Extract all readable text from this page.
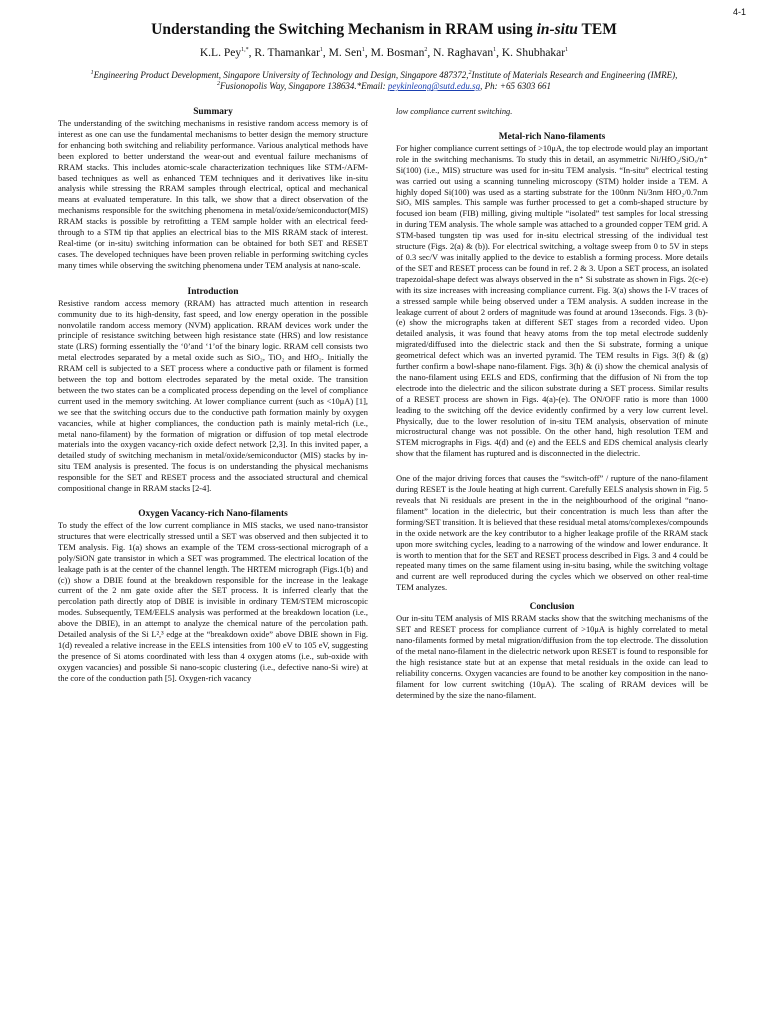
4-1
Understanding the Switching Mechanism in RRAM using in-situ TEM
K.L. Pey$^{1,*}$, R. Thamankar$^1$, M. Sen$^1$, M. Bosman$^2$, N. Raghavan$^1$, K. Shubhakar$^1$
$^1$Engineering Product Development, Singapore University of Technology and Design, Singapore 487372,$^2$Institute of Materials Research and Engineering (IMRE), $^2$Fusionopolis Way, Singapore 138634.*Email: peykinleong@sutd.edu.sg, Ph: +65 6303 661
Summary

The understanding of the switching mechanisms in resistive random access memory is of interest as one can use the fundamental mechanisms to better design the memory structure for enhancing both switching and reliability performance. Various analytical methods have been explored to better understand the wear-out and eventual failure mechanisms of RRAM stacks. This includes atomic-scale characterization techniques like STM-/AFM-based techniques as well as enhanced TEM techniques and it derivatives like in-situ analysis while stressing the RRAM samples through electrical, optical and mechanical means at evaluated temperature. In this talk, we show that a direct observation of the mechanisms responsible for the switching phenomena in metal/oxide/semiconductor(MIS) RRAM stacks is possible by retrofitting a TEM sample holder with an electrical feed-through to a STM tip that applies an electrical bias to the MIS RRAM stack of interest. Real-time (or in-situ) switching information can be obtained for both SET and RESET cases. The developed techniques have been proven reliable in performing switching cycles many times while observing the switching phenomena under TEM analysis at nano-scale.

Introduction

Resistive random access memory (RRAM) has attracted much attention in research community due to its high-density, fast speed, and low energy operation in the possible nonvolatile random access memory (NVM) application. RRAM devices work under the principle of resistance switching between high resistance state (HRS) and low resistance state (LRS) forming essentially the ‘0’and ‘1’of the binary logic. RRAM cell consists two metal electrodes separated by a metal oxide such as SiO₂, TiO₂ and HfO₂. Initially the RRAM cell is subjected to a SET process where a conductive path or filament is formed between the top and bottom electrodes separated by the metal oxide. The transition between the two states can be a complicated process depending on the level of compliance current used in the memory switching. At lower compliance current (such as <10μA) [1], we see that the switching occurs due to the conductive path formation mainly by oxygen vacancies, while at higher compliances, the conduction path is mainly metal-rich (i.e., metal nano-filament) by the formation of migration or diffusion of top metal electrode materials into the oxygen vacancy-rich oxide defect network [2,3]. In this invited paper, a detailed study of switching mechanism in metal/oxide/semiconductor (MIS) stacks by in-situ TEM analysis is presented. The focus is on understanding the physical mechanisms responsible for the SET and RESET process and the associated structural and chemical compositional change in RRAM stacks [2-4].

Oxygen Vacancy-rich Nano-filaments

To study the effect of the low current compliance in MIS stacks, we used nano-transistor structures that were electrically stressed until a SET was observed and then subjected it to TEM analysis. Fig. 1(a) shows an example of the TEM cross-sectional micrograph of a poly/SiON gate transistor in which a SET was programmed. The electrical location of the leakage path is at the center of the channel length. The HRTEM micrograph (Figs.1(b) and (c)) show a DBIE found at the breakdown responsible for the increase in the leakage current of the 2 nm gate oxide after the SET process. It is inferred clearly that the percolation path directly atop of DBIE is invisible in ordinary TEM/STEM microscopic modes. Subsequently, TEM/EELS analysis was performed at the breakdown location (i.e., above the DBIE), in an attempt to analyze the chemical nature of the percolation path. Detailed analysis of the Si L²,³ edge at the “breakdown oxide” above DBIE shown in Fig. 1(d) revealed a relative increase in the EELS intensities from 100 eV to 105 eV, suggesting the presence of Si atoms coordinated with less than 4 oxygen atoms (i.e., sub-oxide with oxygen vacancies) and possible Si nano-scopic clustering (i.e., defective nano-Si wire) at the core of the conduction path [5]. Oxygen-rich vacancy

low compliance current switching.

Metal-rich Nano-filaments

For higher compliance current settings of >10μA, the top electrode would play an important role in the switching mechanisms. To study this in detail, an asymmetric Ni/HfO₂/SiOₓ/n⁺ Si(100) (i.e., MIS) structure was used for in-situ TEM analysis. “In-situ” electrical testing was carried out using a scanning tunneling microscopy (STM) holder inside a TEM. A highly doped Si(100) was used as a starting substrate for the 100nm Ni/3nm HfO₂/0.7nm SiOₓ MIS samples. This sample was further processed to get a comb-shaped structure by focused ion beam (FIB) milling, giving multiple “isolated” test samples for local stressing in during TEM analysis. The whole sample was attached to a grounded copper TEM grid. A STM-based tungsten tip was used for in-situ electrical stressing of the individual test structure (Figs. 2(a) & (b)). For electrical switching, a voltage sweep from 0 to 5V in steps of 0.3 sec/V was initally applied to the device to establish a forming process. More details of the SET and RESET process can be found in ref. 2 & 3. Upon a SET process, an isolated trapezoidal-shape defect was always observed in the n⁺ Si substrate as shown in Figs. 2(c-e) with its size increases with increasing compliance current. Fig. 3(a) shows the I-V traces of a stressed sample while being observed under a TEM analysis. A sudden increase in the leakage current of about 2 orders of magnitude was found at around 13seconds. Figs. 3 (b)-(e) show the micrographs taken at different SET stages from a recorded video. Upon detailed analysis, it was found that heavy atoms from the top metal electrode suddenly migrated/diffused into the dielectric stack and then the Si substrate, forming a unique geometrical defect which was an inverted pyramid. The TEM results in Figs. 3(f) & (g) further confirm a bowl-shape nano-filament. Figs. 3(h) & (i) show the chemical analysis of the nano-filament using EELS and EDS, confirming that the diffusion of Ni from the top electrode into the dielectric and the silicon substrate during a SET process. Similar results of a RESET process are shown in Figs. 4(a)-(e). The ON/OFF ratio is more than 1000 leading to the switching off the device evidently confirmed by a very low current level. Physically, due to the lower resolution of in-situ TEM analysis, observation of minute microstructural change was not possible. On the other hand, high resolution TEM and STEM micrographs in Figs. 4(d) and (e) and the EELS and EDS chemical analysis clearly show that the filament has ruptured and is disconnected in the dielectric.

One of the major driving forces that causes the “switch-off” / rupture of the nano-filament during RESET is the Joule heating at high current. Carefully EELS analysis shown in Fig. 5 reveals that Ni residuals are present in the in the neighbourhood of the original “nano-filament” location in the dielectric, but their concentration is much less than after the forming/SET transition. It is believed that these residual metal atoms/complexes/compounds in the oxide network are the key contributor to a higher leakage profile of the RRAM stack upon more switching cycles, leading to a narrowing of the window and lower endurance. It is worth to mention that for the SET and RESET process described in Figs. 3 and 4 could be repeated many times on the same filament using in-situ basing, while the switching voltage and current are well reproduced during the cycles which we observed on other real-time TEM analyzes.

Conclusion

Our in-situ TEM analysis of MIS RRAM stacks show that the switching mechanisms of the SET and RESET process for compliance current of >10μA is highly correlated to metal nano-filaments formed by metal migration/diffusion from the top electrode. The dissolution of the metal nano-filament in the dielectric network upon RESET is found to responsible for the high resistance state but at an expense that metal residuals in the oxide can lead to reliability concerns. Oxygen vacancies are found to be another key composition in the nano-filament for low current switching (10μA). The scaling of RRAM devices will be determined by the size the nano-filament.
